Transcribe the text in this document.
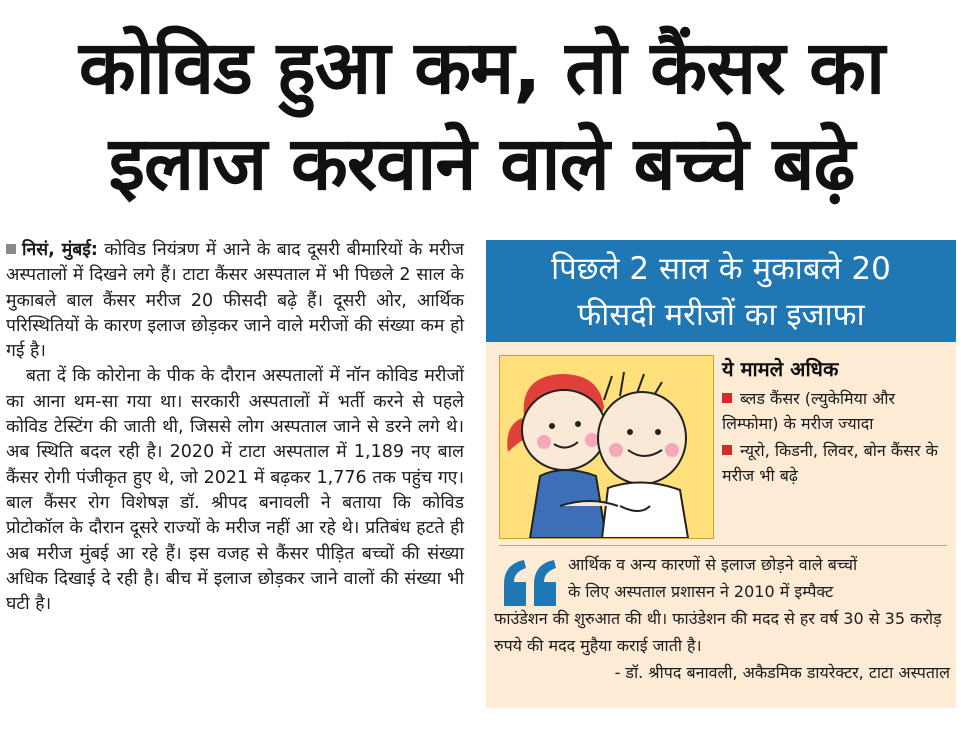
कोविड हुआ कम, तो कैंसर का
इलाज करवाने वाले बच्चे बढ़े

निसं, मुंबई: कोविड नियंत्रण में आने के बाद दूसरी बीमारियों के मरीज अस्पतालों में दिखने लगे हैं। टाटा कैंसर अस्पताल में भी पिछले 2 साल के मुकाबले बाल कैंसर मरीज 20 फीसदी बढ़े हैं। दूसरी ओर, आर्थिक परिस्थितियों के कारण इलाज छोड़कर जाने वाले मरीजों की संख्या कम हो गई है।

बता दें कि कोरोना के पीक के दौरान अस्पतालों में नॉन कोविड मरीजों का आना थम-सा गया था। सरकारी अस्पतालों में भर्ती करने से पहले कोविड टेस्टिंग की जाती थी, जिससे लोग अस्पताल जाने से डरने लगे थे। अब स्थिति बदल रही है। 2020 में टाटा अस्पताल में 1,189 नए बाल कैंसर रोगी पंजीकृत हुए थे, जो 2021 में बढ़कर 1,776 तक पहुंच गए। बाल कैंसर रोग विशेषज्ञ डॉ. श्रीपद बनावली ने बताया कि कोविड प्रोटोकॉल के दौरान दूसरे राज्यों के मरीज नहीं आ रहे थे। प्रतिबंध हटते ही अब मरीज मुंबई आ रहे हैं। इस वजह से कैंसर पीड़ित बच्चों की संख्या अधिक दिखाई दे रही है। बीच में इलाज छोड़कर जाने वालों की संख्या भी घटी है।

पिछले 2 साल के मुकाबले 20
फीसदी मरीजों का इजाफा
ये मामले अधिक
ब्लड कैंसर (ल्युकेमिया और लिम्फोमा) के मरीज ज्यादा
न्यूरो, किडनी, लिवर, बोन कैंसर के मरीज भी बढ़े
आर्थिक व अन्य कारणों से इलाज छोड़ने वाले बच्चों
के लिए अस्पताल प्रशासन ने 2010 में इम्पैक्ट
फाउंडेशन की शुरुआत की थी। फाउंडेशन की मदद से हर वर्ष 30 से 35 करोड़ रुपये की मदद मुहैया कराई जाती है।
- डॉ. श्रीपद बनावली, अकैडमिक डायरेक्टर, टाटा अस्पताल
